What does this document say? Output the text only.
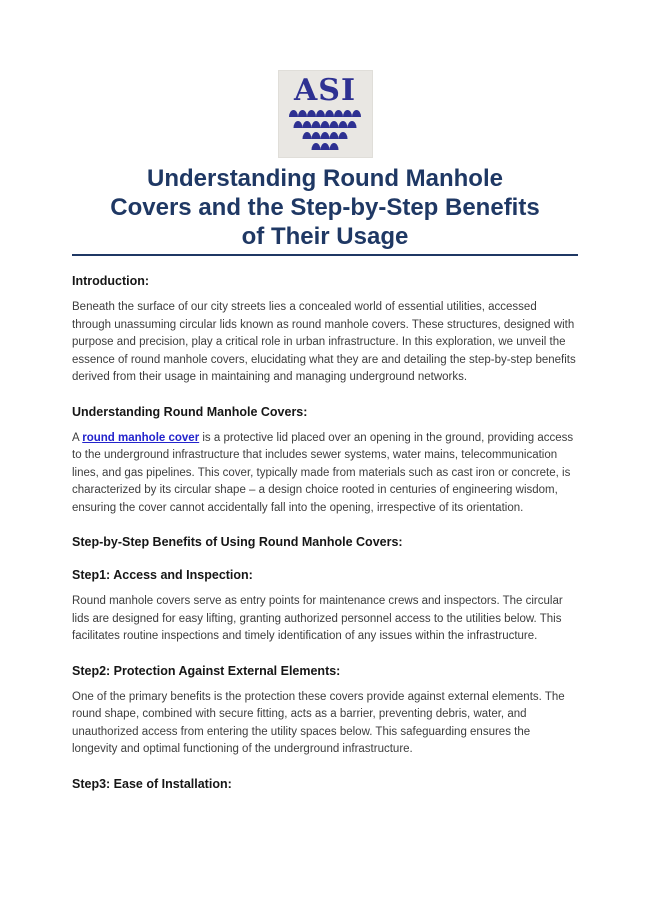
ASI
Understanding Round Manhole
Covers and the Step-by-Step Benefits
of Their Usage
Introduction:

Beneath the surface of our city streets lies a concealed world of essential utilities, accessed through unassuming circular lids known as round manhole covers. These structures, designed with purpose and precision, play a critical role in urban infrastructure. In this exploration, we unveil the essence of round manhole covers, elucidating what they are and detailing the step-by-step benefits derived from their usage in maintaining and managing underground networks.

Understanding Round Manhole Covers:

A round manhole cover is a protective lid placed over an opening in the ground, providing access to the underground infrastructure that includes sewer systems, water mains, telecommunication lines, and gas pipelines. This cover, typically made from materials such as cast iron or concrete, is characterized by its circular shape – a design choice rooted in centuries of engineering wisdom, ensuring the cover cannot accidentally fall into the opening, irrespective of its orientation.

Step-by-Step Benefits of Using Round Manhole Covers:
Step1: Access and Inspection:

Round manhole covers serve as entry points for maintenance crews and inspectors. The circular lids are designed for easy lifting, granting authorized personnel access to the utilities below. This facilitates routine inspections and timely identification of any issues within the infrastructure.

Step2: Protection Against External Elements:

One of the primary benefits is the protection these covers provide against external elements. The round shape, combined with secure fitting, acts as a barrier, preventing debris, water, and unauthorized access from entering the utility spaces below. This safeguarding ensures the longevity and optimal functioning of the underground infrastructure.

Step3: Ease of Installation:
